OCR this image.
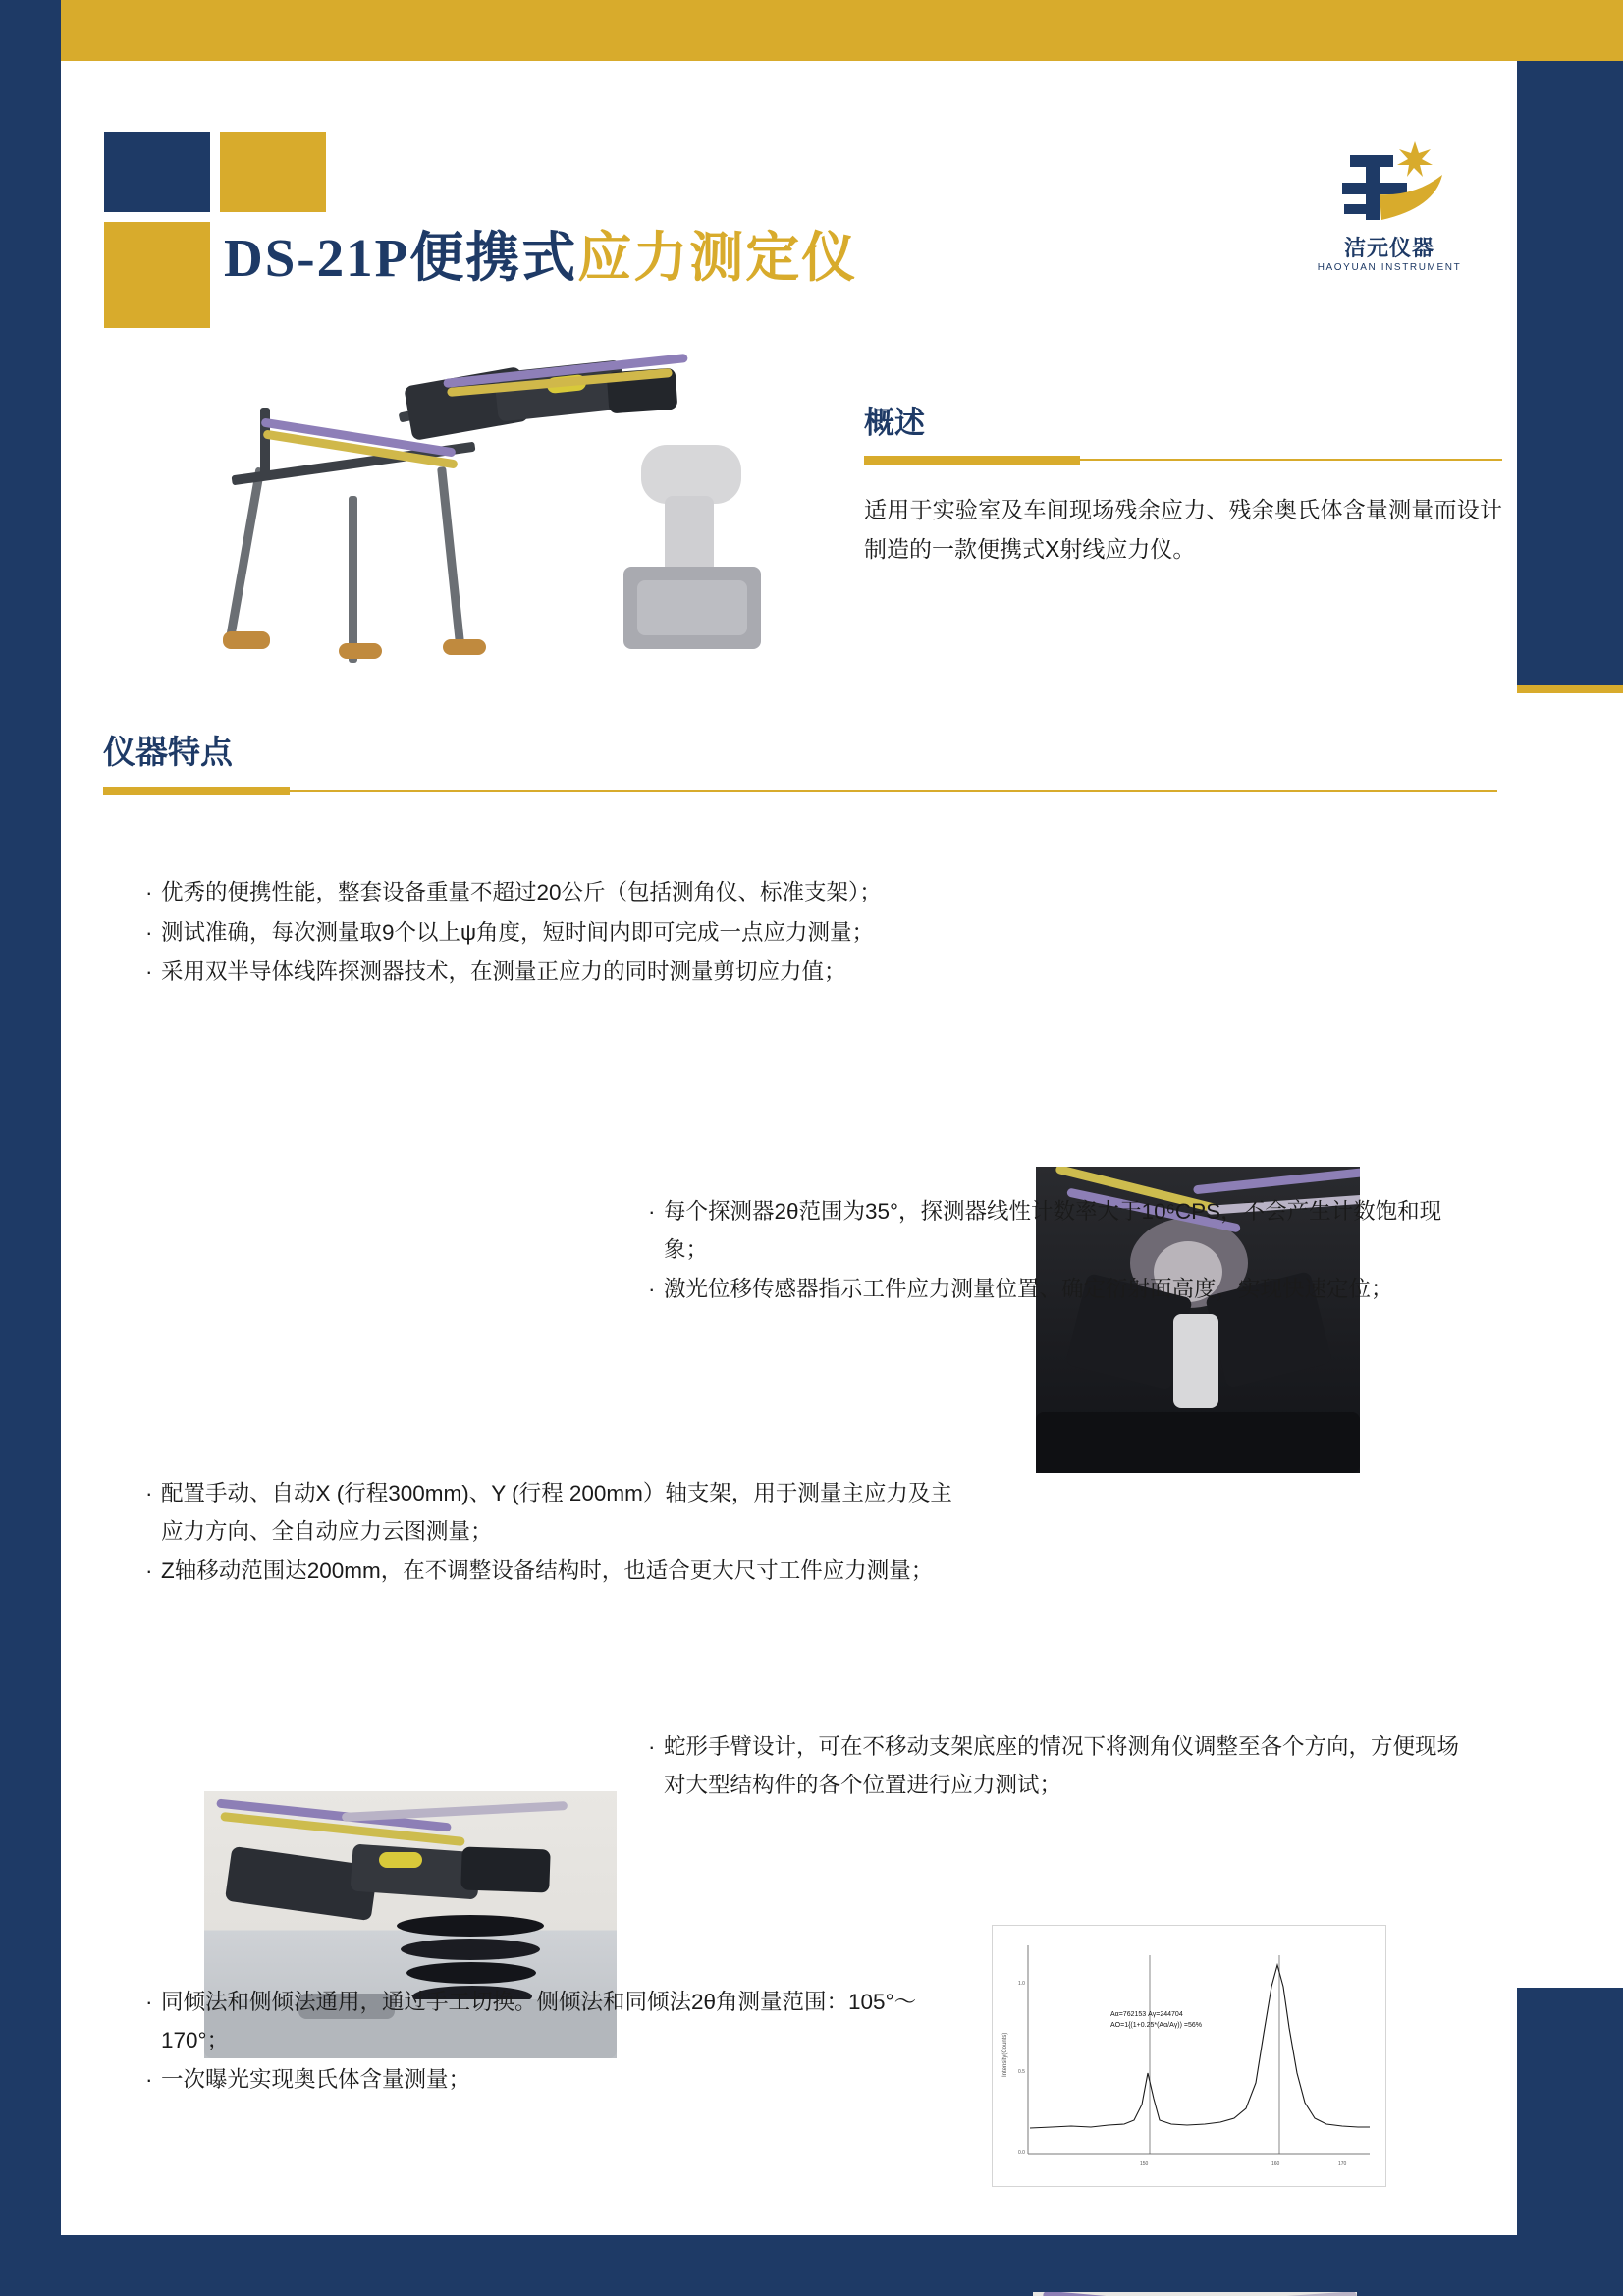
DS-21P便携式应力测定仪	洁元仪器
HAOYUAN INSTRUMENT
概述

适用于实验室及车间现场残余应力、残余奥氏体含量测量而设计制造的一款便携式X射线应力仪。

仪器特点
· 优秀的便携性能，整套设备重量不超过20公斤（包括测角仪、标准支架）；
· 测试准确，每次测量取9个以上ψ角度，短时间内即可完成一点应力测量；
· 采用双半导体线阵探测器技术，在测量正应力的同时测量剪切应力值；
· 每个探测器2θ范围为35°，探测器线性计数率大于10⁶CPS，不会产生计数饱和现象；
· 激光位移传感器指示工件应力测量位置、确定衍射面高度，实现快速定位；
· 配置手动、自动X (行程300mm)、Y (行程 200mm）轴支架，用于测量主应力及主应力方向、全自动应力云图测量；
· Z轴移动范围达200mm，在不调整设备结构时，也适合更大尺寸工件应力测量；
· 蛇形手臂设计，可在不移动支架底座的情况下将测角仪调整至各个方向，方便现场对大型结构件的各个位置进行应力测试；
Aα=762153 Aγ=244704
AO=1{(1+0.25*(Aα/Aγ)) =56%
Intensity(Counts)
1.0
0.5
0.0
150	160	170
· 同倾法和侧倾法通用，通过手工切换。侧倾法和同倾法2θ角测量范围：105°～170°；
· 一次曝光实现奥氏体含量测量；
